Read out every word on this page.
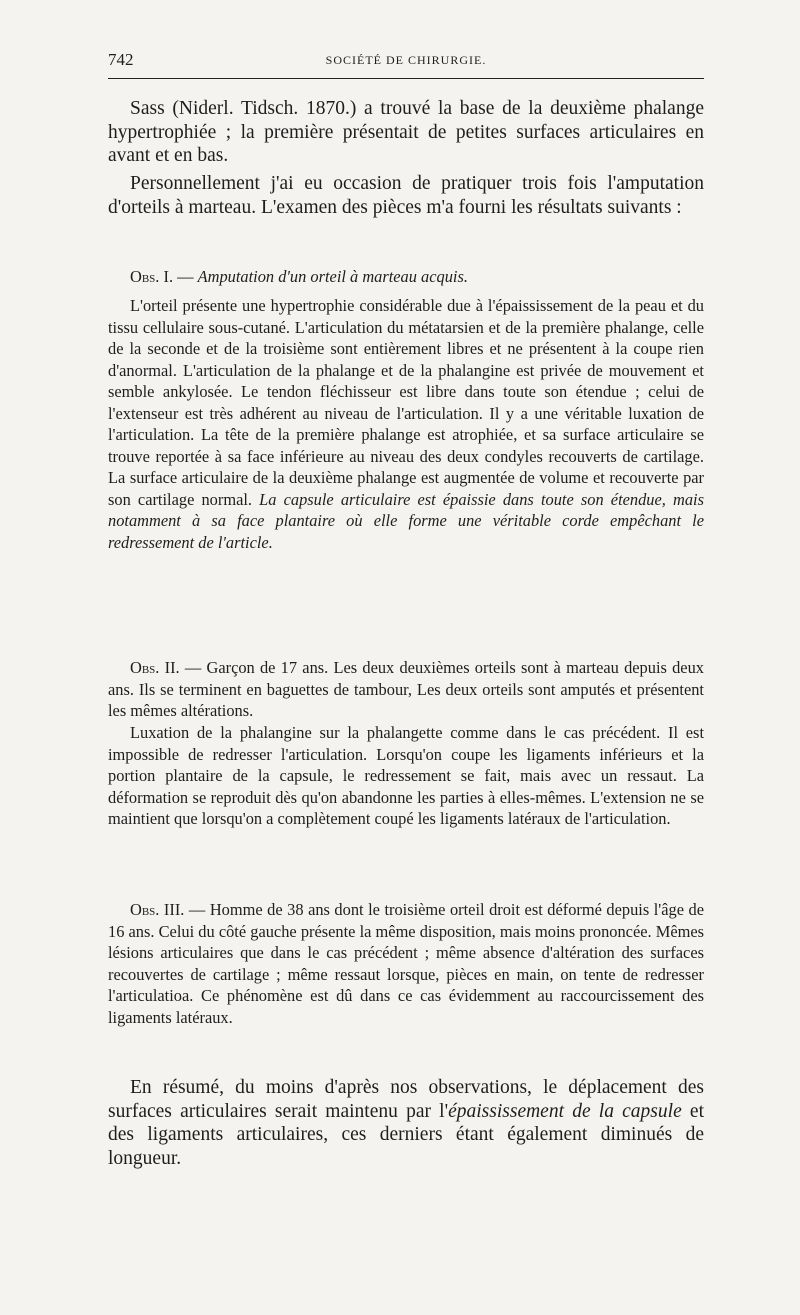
742	SOCIÉTÉ DE CHIRURGIE.

Sass (Niderl. Tidsch. 1870.) a trouvé la base de la deuxième phalange hypertrophiée ; la première présentait de petites surfaces articulaires en avant et en bas.

Personnellement j'ai eu occasion de pratiquer trois fois l'amputation d'orteils à marteau. L'examen des pièces m'a fourni les résultats suivants :

Obs. I. — Amputation d'un orteil à marteau acquis.

L'orteil présente une hypertrophie considérable due à l'épaississement de la peau et du tissu cellulaire sous-cutané. L'articulation du métatarsien et de la première phalange, celle de la seconde et de la troisième sont entièrement libres et ne présentent à la coupe rien d'anormal. L'articulation de la phalange et de la phalangine est privée de mouvement et semble ankylosée. Le tendon fléchisseur est libre dans toute son étendue ; celui de l'extenseur est très adhérent au niveau de l'articulation. Il y a une véritable luxation de l'articulation. La tête de la première phalange est atrophiée, et sa surface articulaire se trouve reportée à sa face inférieure au niveau des deux condyles recouverts de cartilage. La surface articulaire de la deuxième phalange est augmentée de volume et recouverte par son cartilage normal. La capsule articulaire est épaissie dans toute son étendue, mais notamment à sa face plantaire où elle forme une véritable corde empêchant le redressement de l'article.

Obs. II. — Garçon de 17 ans. Les deux deuxièmes orteils sont à marteau depuis deux ans. Ils se terminent en baguettes de tambour, Les deux orteils sont amputés et présentent les mêmes altérations.

Luxation de la phalangine sur la phalangette comme dans le cas précédent. Il est impossible de redresser l'articulation. Lorsqu'on coupe les ligaments inférieurs et la portion plantaire de la capsule, le redressement se fait, mais avec un ressaut. La déformation se reproduit dès qu'on abandonne les parties à elles-mêmes. L'extension ne se maintient que lorsqu'on a complètement coupé les ligaments latéraux de l'articulation.

Obs. III. — Homme de 38 ans dont le troisième orteil droit est déformé depuis l'âge de 16 ans. Celui du côté gauche présente la même disposition, mais moins prononcée. Mêmes lésions articulaires que dans le cas précédent ; même absence d'altération des surfaces recouvertes de cartilage ; même ressaut lorsque, pièces en main, on tente de redresser l'articulatioa. Ce phénomène est dû dans ce cas évidemment au raccourcissement des ligaments latéraux.

En résumé, du moins d'après nos observations, le déplacement des surfaces articulaires serait maintenu par l'épaississement de la capsule et des ligaments articulaires, ces derniers étant également diminués de longueur.
